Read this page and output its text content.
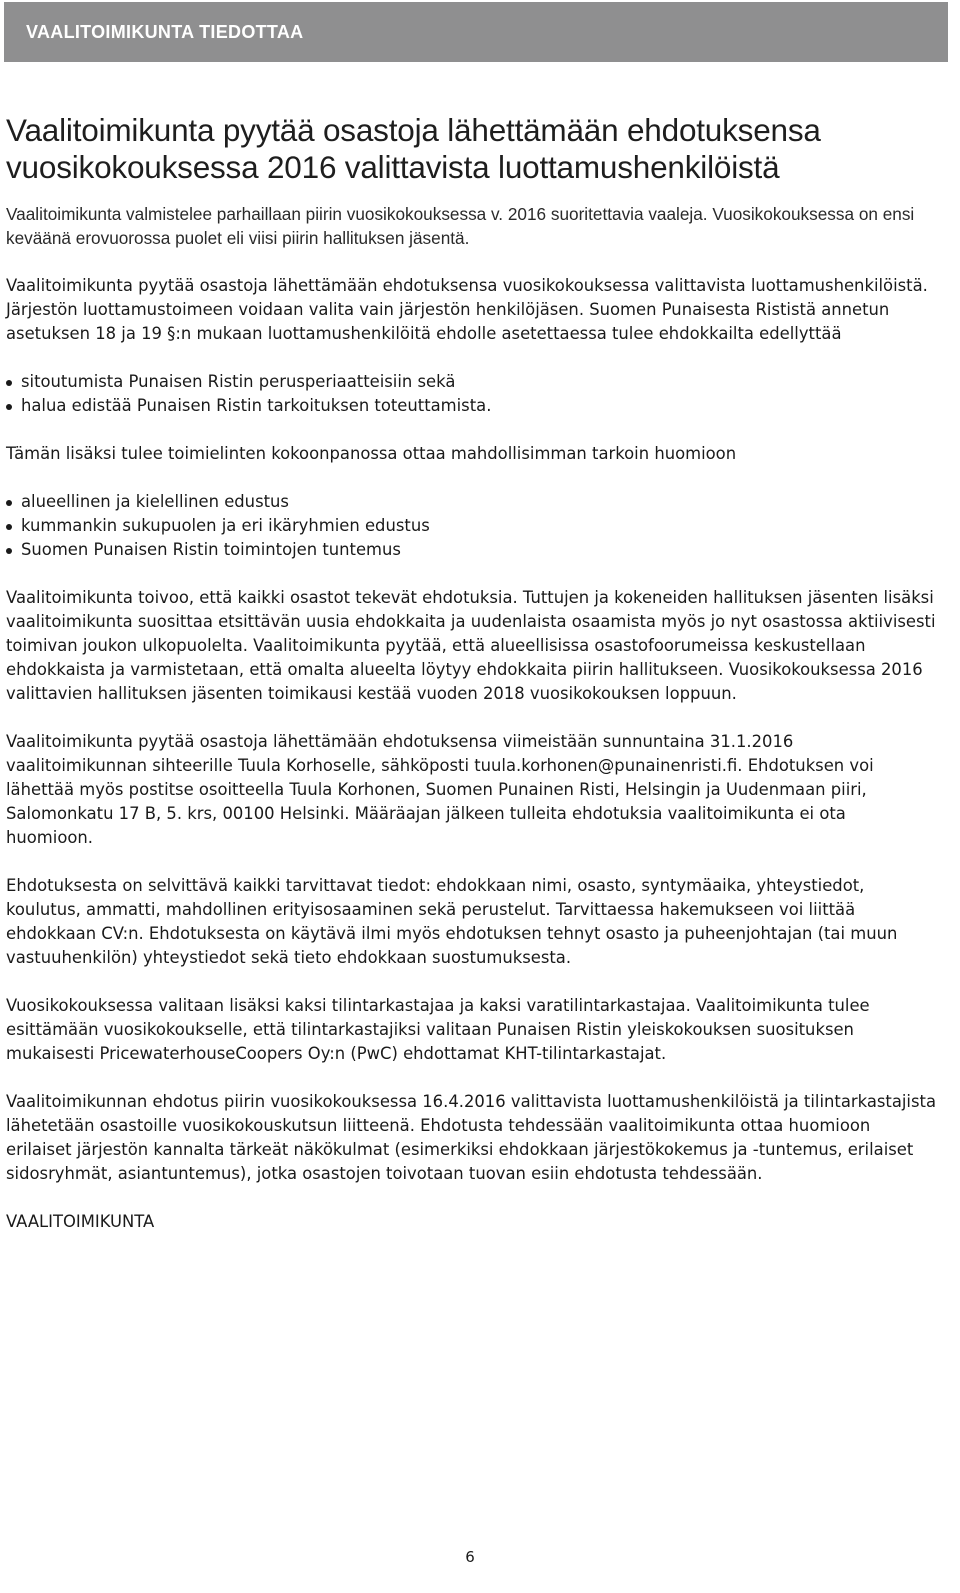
VAALITOIMIKUNTA TIEDOTTAA
Vaalitoimikunta pyytää osastoja lähettämään ehdotuksensa vuosikokouksessa 2016 valittavista luottamushenkilöistä

Vaalitoimikunta valmistelee parhaillaan piirin vuosikokouksessa v. 2016 suoritettavia vaaleja. Vuosikokouksessa on ensi keväänä erovuorossa puolet eli viisi piirin hallituksen jäsentä.

Vaalitoimikunta pyytää osastoja lähettämään ehdotuksensa vuosikokouksessa valittavista luottamushenkilöistä. Järjestön luottamustoimeen voidaan valita vain järjestön henkilöjäsen. Suomen Punaisesta Rististä annetun asetuksen 18 ja 19 §:n mukaan luottamushenkilöitä ehdolle asetettaessa tulee ehdokkailta edellyttää

sitoutumista Punaisen Ristin perusperiaatteisiin sekä
halua edistää Punaisen Ristin tarkoituksen toteuttamista.

Tämän lisäksi tulee toimielinten kokoonpanossa ottaa mahdollisimman tarkoin huomioon

alueellinen ja kielellinen edustus
kummankin sukupuolen ja eri ikäryhmien edustus
Suomen Punaisen Ristin toimintojen tuntemus

Vaalitoimikunta toivoo, että kaikki osastot tekevät ehdotuksia. Tuttujen ja kokeneiden hallituksen jäsenten lisäksi vaalitoimikunta suosittaa etsittävän uusia ehdokkaita ja uudenlaista osaamista myös jo nyt osastossa aktiivisesti toimivan joukon ulkopuolelta. Vaalitoimikunta pyytää, että alueellisissa osastofoorumeissa keskustellaan ehdokkaista ja varmistetaan, että omalta alueelta löytyy ehdokkaita piirin hallitukseen. Vuosikokouksessa 2016 valittavien hallituksen jäsenten toimikausi kestää vuoden 2018 vuosikokouksen loppuun.

Vaalitoimikunta pyytää osastoja lähettämään ehdotuksensa viimeistään sunnuntaina 31.1.2016 vaalitoimikunnan sihteerille Tuula Korhoselle, sähköposti tuula.korhonen@punainenristi.fi. Ehdotuksen voi lähettää myös postitse osoitteella Tuula Korhonen, Suomen Punainen Risti, Helsingin ja Uudenmaan piiri, Salomonkatu 17 B, 5. krs, 00100 Helsinki. Määräajan jälkeen tulleita ehdotuksia vaalitoimikunta ei ota huomioon.

Ehdotuksesta on selvittävä kaikki tarvittavat tiedot: ehdokkaan nimi, osasto, syntymäaika, yhteystiedot, koulutus, ammatti, mahdollinen erityisosaaminen sekä perustelut. Tarvittaessa hakemukseen voi liittää ehdokkaan CV:n. Ehdotuksesta on käytävä ilmi myös ehdotuksen tehnyt osasto ja puheenjohtajan (tai muun vastuuhenkilön) yhteystiedot sekä tieto ehdokkaan suostumuksesta.

Vuosikokouksessa valitaan lisäksi kaksi tilintarkastajaa ja kaksi varatilintarkastajaa. Vaalitoimikunta tulee esittämään vuosikokoukselle, että tilintarkastajiksi valitaan Punaisen Ristin yleiskokouksen suosituksen mukaisesti PricewaterhouseCoopers Oy:n (PwC) ehdottamat KHT-tilintarkastajat.

Vaalitoimikunnan ehdotus piirin vuosikokouksessa 16.4.2016 valittavista luottamushenkilöistä ja tilintarkastajista lähetetään osastoille vuosikokouskutsun liitteenä. Ehdotusta tehdessään vaalitoimikunta ottaa huomioon erilaiset järjestön kannalta tärkeät näkökulmat (esimerkiksi ehdokkaan järjestökokemus ja -tuntemus, erilaiset sidosryhmät, asiantuntemus), jotka osastojen toivotaan tuovan esiin ehdotusta tehdessään.

VAALITOIMIKUNTA

6
